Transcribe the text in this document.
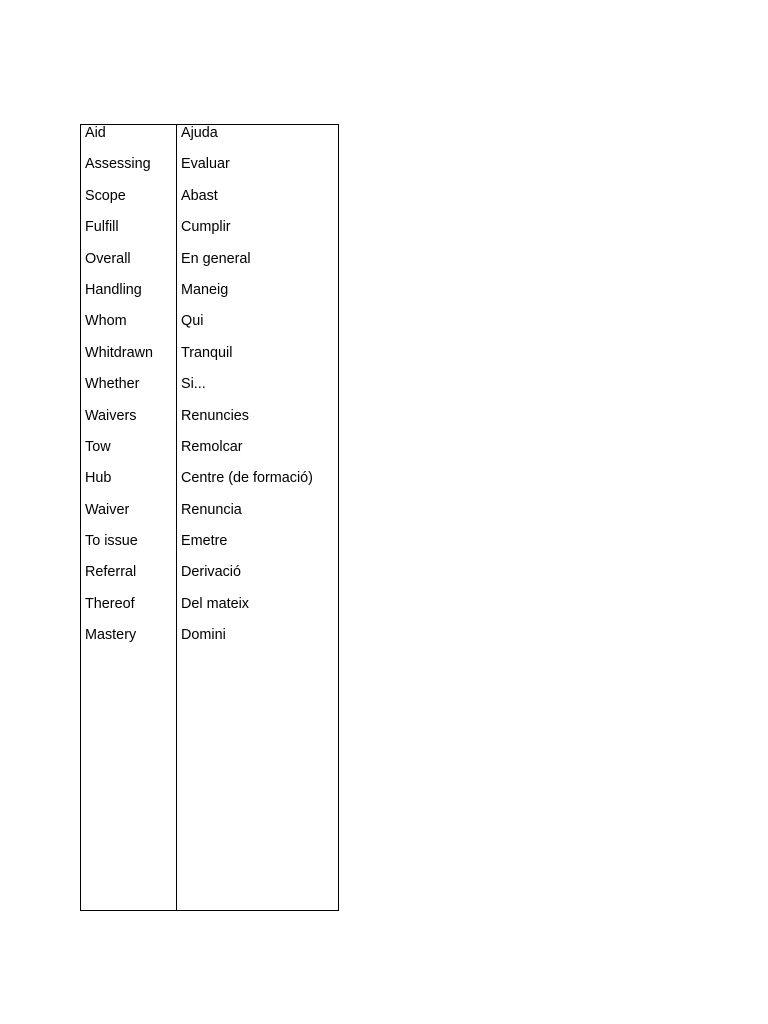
Aid
Assessing
Scope
Fulfill
Overall
Handling
Whom
Whitdrawn
Whether
Waivers
Tow
Hub
Waiver
To issue
Referral
Thereof
Mastery
Ajuda
Evaluar
Abast
Cumplir
En general
Maneig
Qui
Tranquil
Si...
Renuncies
Remolcar
Centre (de formació)
Renuncia
Emetre
Derivació
Del mateix
Domini
